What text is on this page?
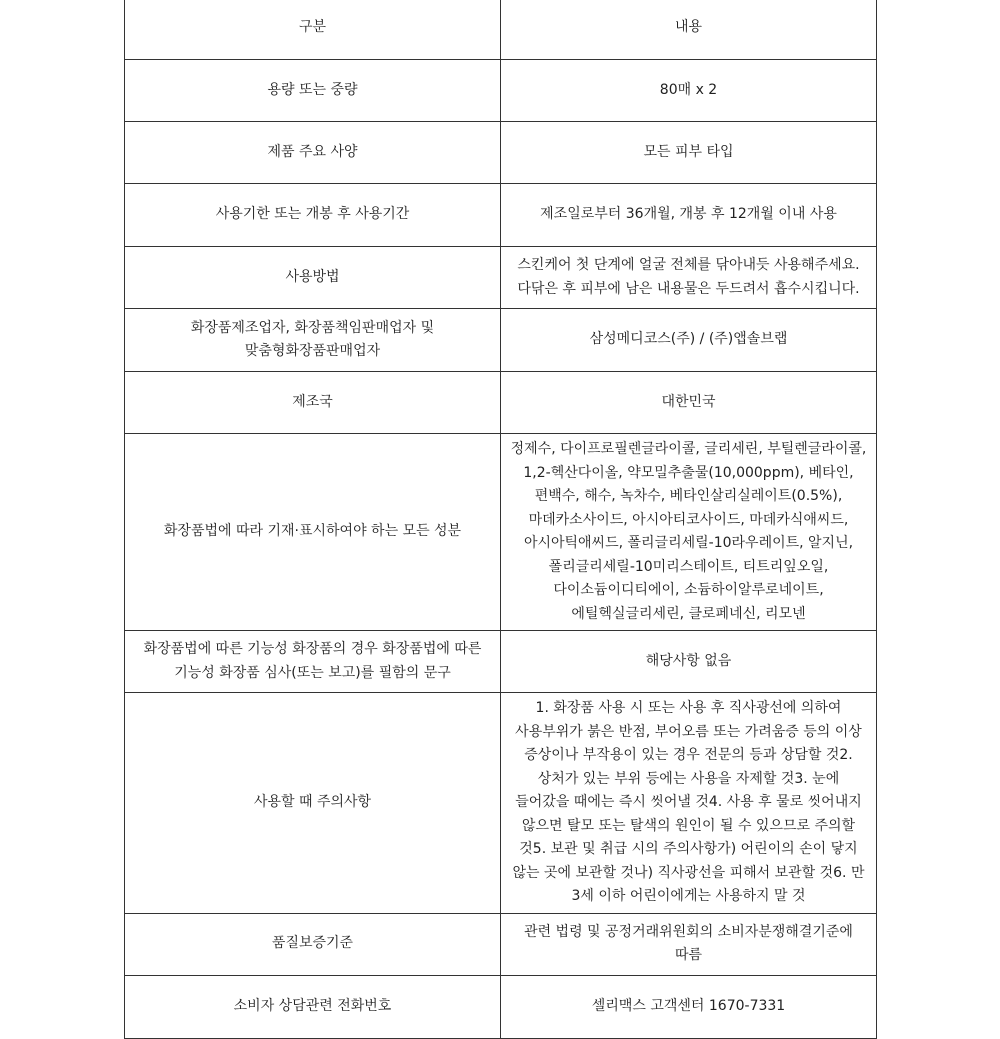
구분	내용
용량 또는 중량	80매 x 2
제품 주요 사양	모든 피부 타입
사용기한 또는 개봉 후 사용기간	제조일로부터 36개월, 개봉 후 12개월 이내 사용
사용방법	스킨케어 첫 단계에 얼굴 전체를 닦아내듯 사용해주세요.다닦은 후 피부에 남은 내용물은 두드려서 흡수시킵니다.
화장품제조업자, 화장품책임판매업자 및 맞춤형화장품판매업자	삼성메디코스(주) / (주)앱솔브랩
제조국	대한민국
화장품법에 따라 기재·표시하여야 하는 모든 성분	정제수, 다이프로필렌글라이콜, 글리세린, 부틸렌글라이콜, 1,2-헥산다이올, 약모밀추출물(10,000ppm), 베타인, 편백수, 해수, 녹차수, 베타인살리실레이트(0.5%), 마데카소사이드, 아시아티코사이드, 마데카식애씨드, 아시아틱애씨드, 폴리글리세릴-10라우레이트, 알지닌, 폴리글리세릴-10미리스테이트, 티트리잎오일, 다이소듐이디티에이, 소듐하이알루로네이트, 에틸헥실글리세린, 클로페네신, 리모넨
화장품법에 따른 기능성 화장품의 경우 화장품법에 따른 기능성 화장품 심사(또는 보고)를 필함의 문구	해당사항 없음
사용할 때 주의사항	1. 화장품 사용 시 또는 사용 후 직사광선에 의하여 사용부위가 붉은 반점, 부어오름 또는 가려움증 등의 이상 증상이나 부작용이 있는 경우 전문의 등과 상담할 것2. 상처가 있는 부위 등에는 사용을 자제할 것3. 눈에 들어갔을 때에는 즉시 씻어낼 것4. 사용 후 물로 씻어내지 않으면 탈모 또는 탈색의 원인이 될 수 있으므로 주의할 것5. 보관 및 취급 시의 주의사항가) 어린이의 손이 닿지 않는 곳에 보관할 것나) 직사광선을 피해서 보관할 것6. 만 3세 이하 어린이에게는 사용하지 말 것
품질보증기준	관련 법령 및 공정거래위원회의 소비자분쟁해결기준에 따름
소비자 상담관련 전화번호	셀리맥스 고객센터 1670-7331
